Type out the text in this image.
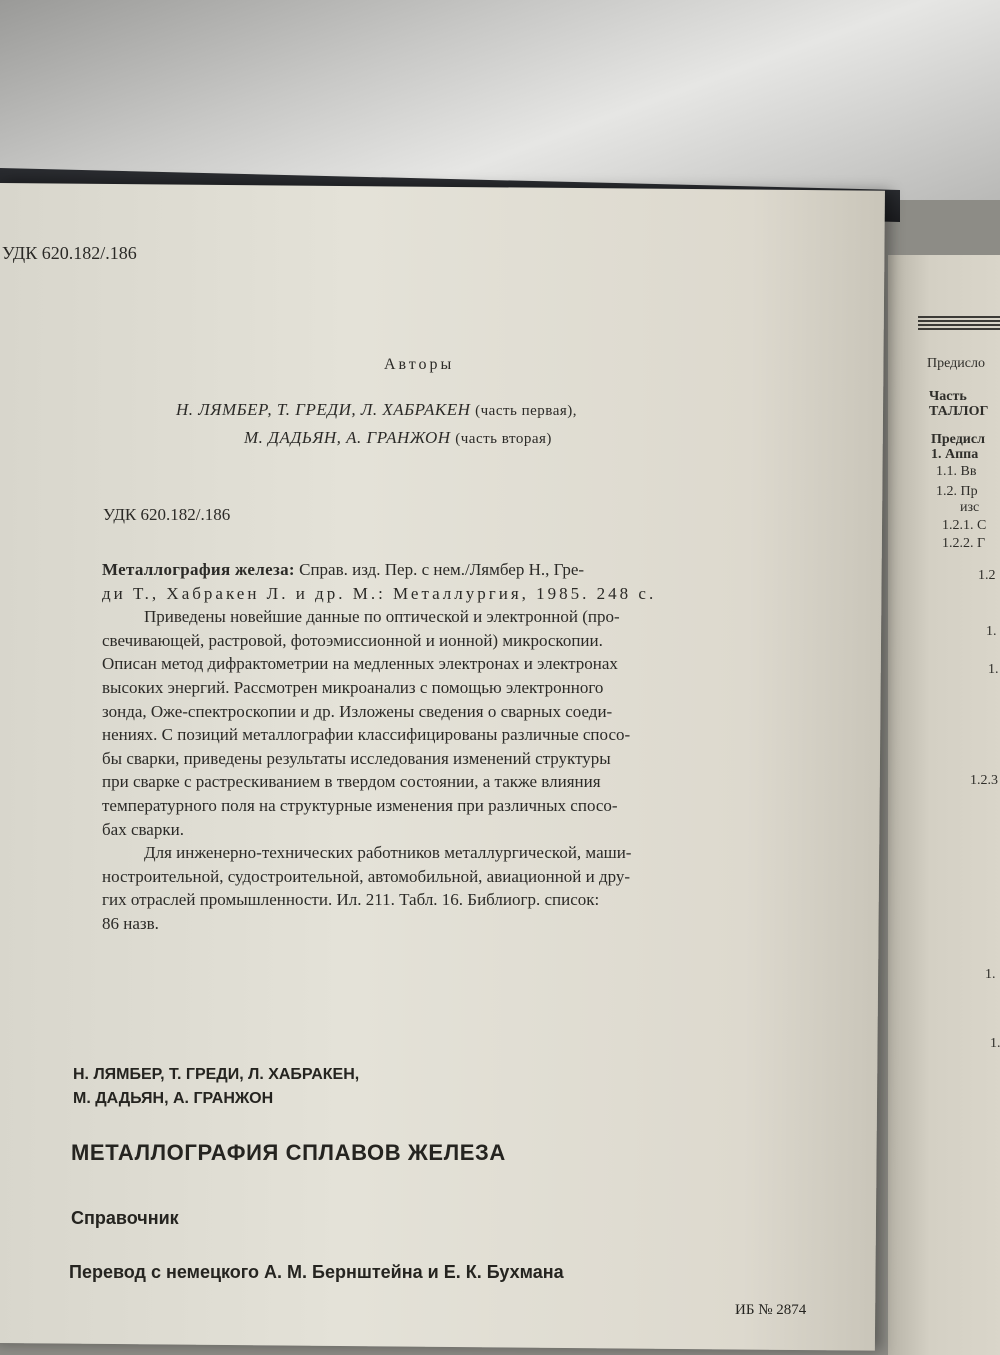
Предисло
Часть
ТАЛЛОГ
Предисл
1. Аппа
1.1. Вв
1.2. Пр
изс
1.2.1. С
1.2.2. Г
1.2
1.
1.
1.2.3
1.
1.
УДК 620.182/.186
Авторы
Н. ЛЯМБЕР, Т. ГРЕДИ, Л. ХАБРАКЕН (часть первая),
М. ДАДЬЯН, А. ГРАНЖОН (часть вторая)
УДК 620.182/.186
Металлография железа: Справ. изд. Пер. с нем./Лямбер Н., Гре-
ди Т., Хабракен Л. и др. М.: Металлургия, 1985. 248 с.
Приведены новейшие данные по оптической и электронной (про-
свечивающей, растровой, фотоэмиссионной и ионной) микроскопии.
Описан метод дифрактометрии на медленных электронах и электронах
высоких энергий. Рассмотрен микроанализ с помощью электронного
зонда, Оже-спектроскопии и др. Изложены сведения о сварных соеди-
нениях. С позиций металлографии классифицированы различные спосо-
бы сварки, приведены результаты исследования изменений структуры
при сварке с растрескиванием в твердом состоянии, а также влияния
температурного поля на структурные изменения при различных спосо-
бах сварки.
Для инженерно-технических работников металлургической, маши-
ностроительной, судостроительной, автомобильной, авиационной и дру-
гих отраслей промышленности. Ил. 211. Табл. 16. Библиогр. список:
86 назв.
Н. ЛЯМБЕР, Т. ГРЕДИ, Л. ХАБРАКЕН,
М. ДАДЬЯН, А. ГРАНЖОН
МЕТАЛЛОГРАФИЯ СПЛАВОВ ЖЕЛЕЗА
Справочник
Перевод с немецкого А. М. Бернштейна и Е. К. Бухмана
ИБ № 2874
